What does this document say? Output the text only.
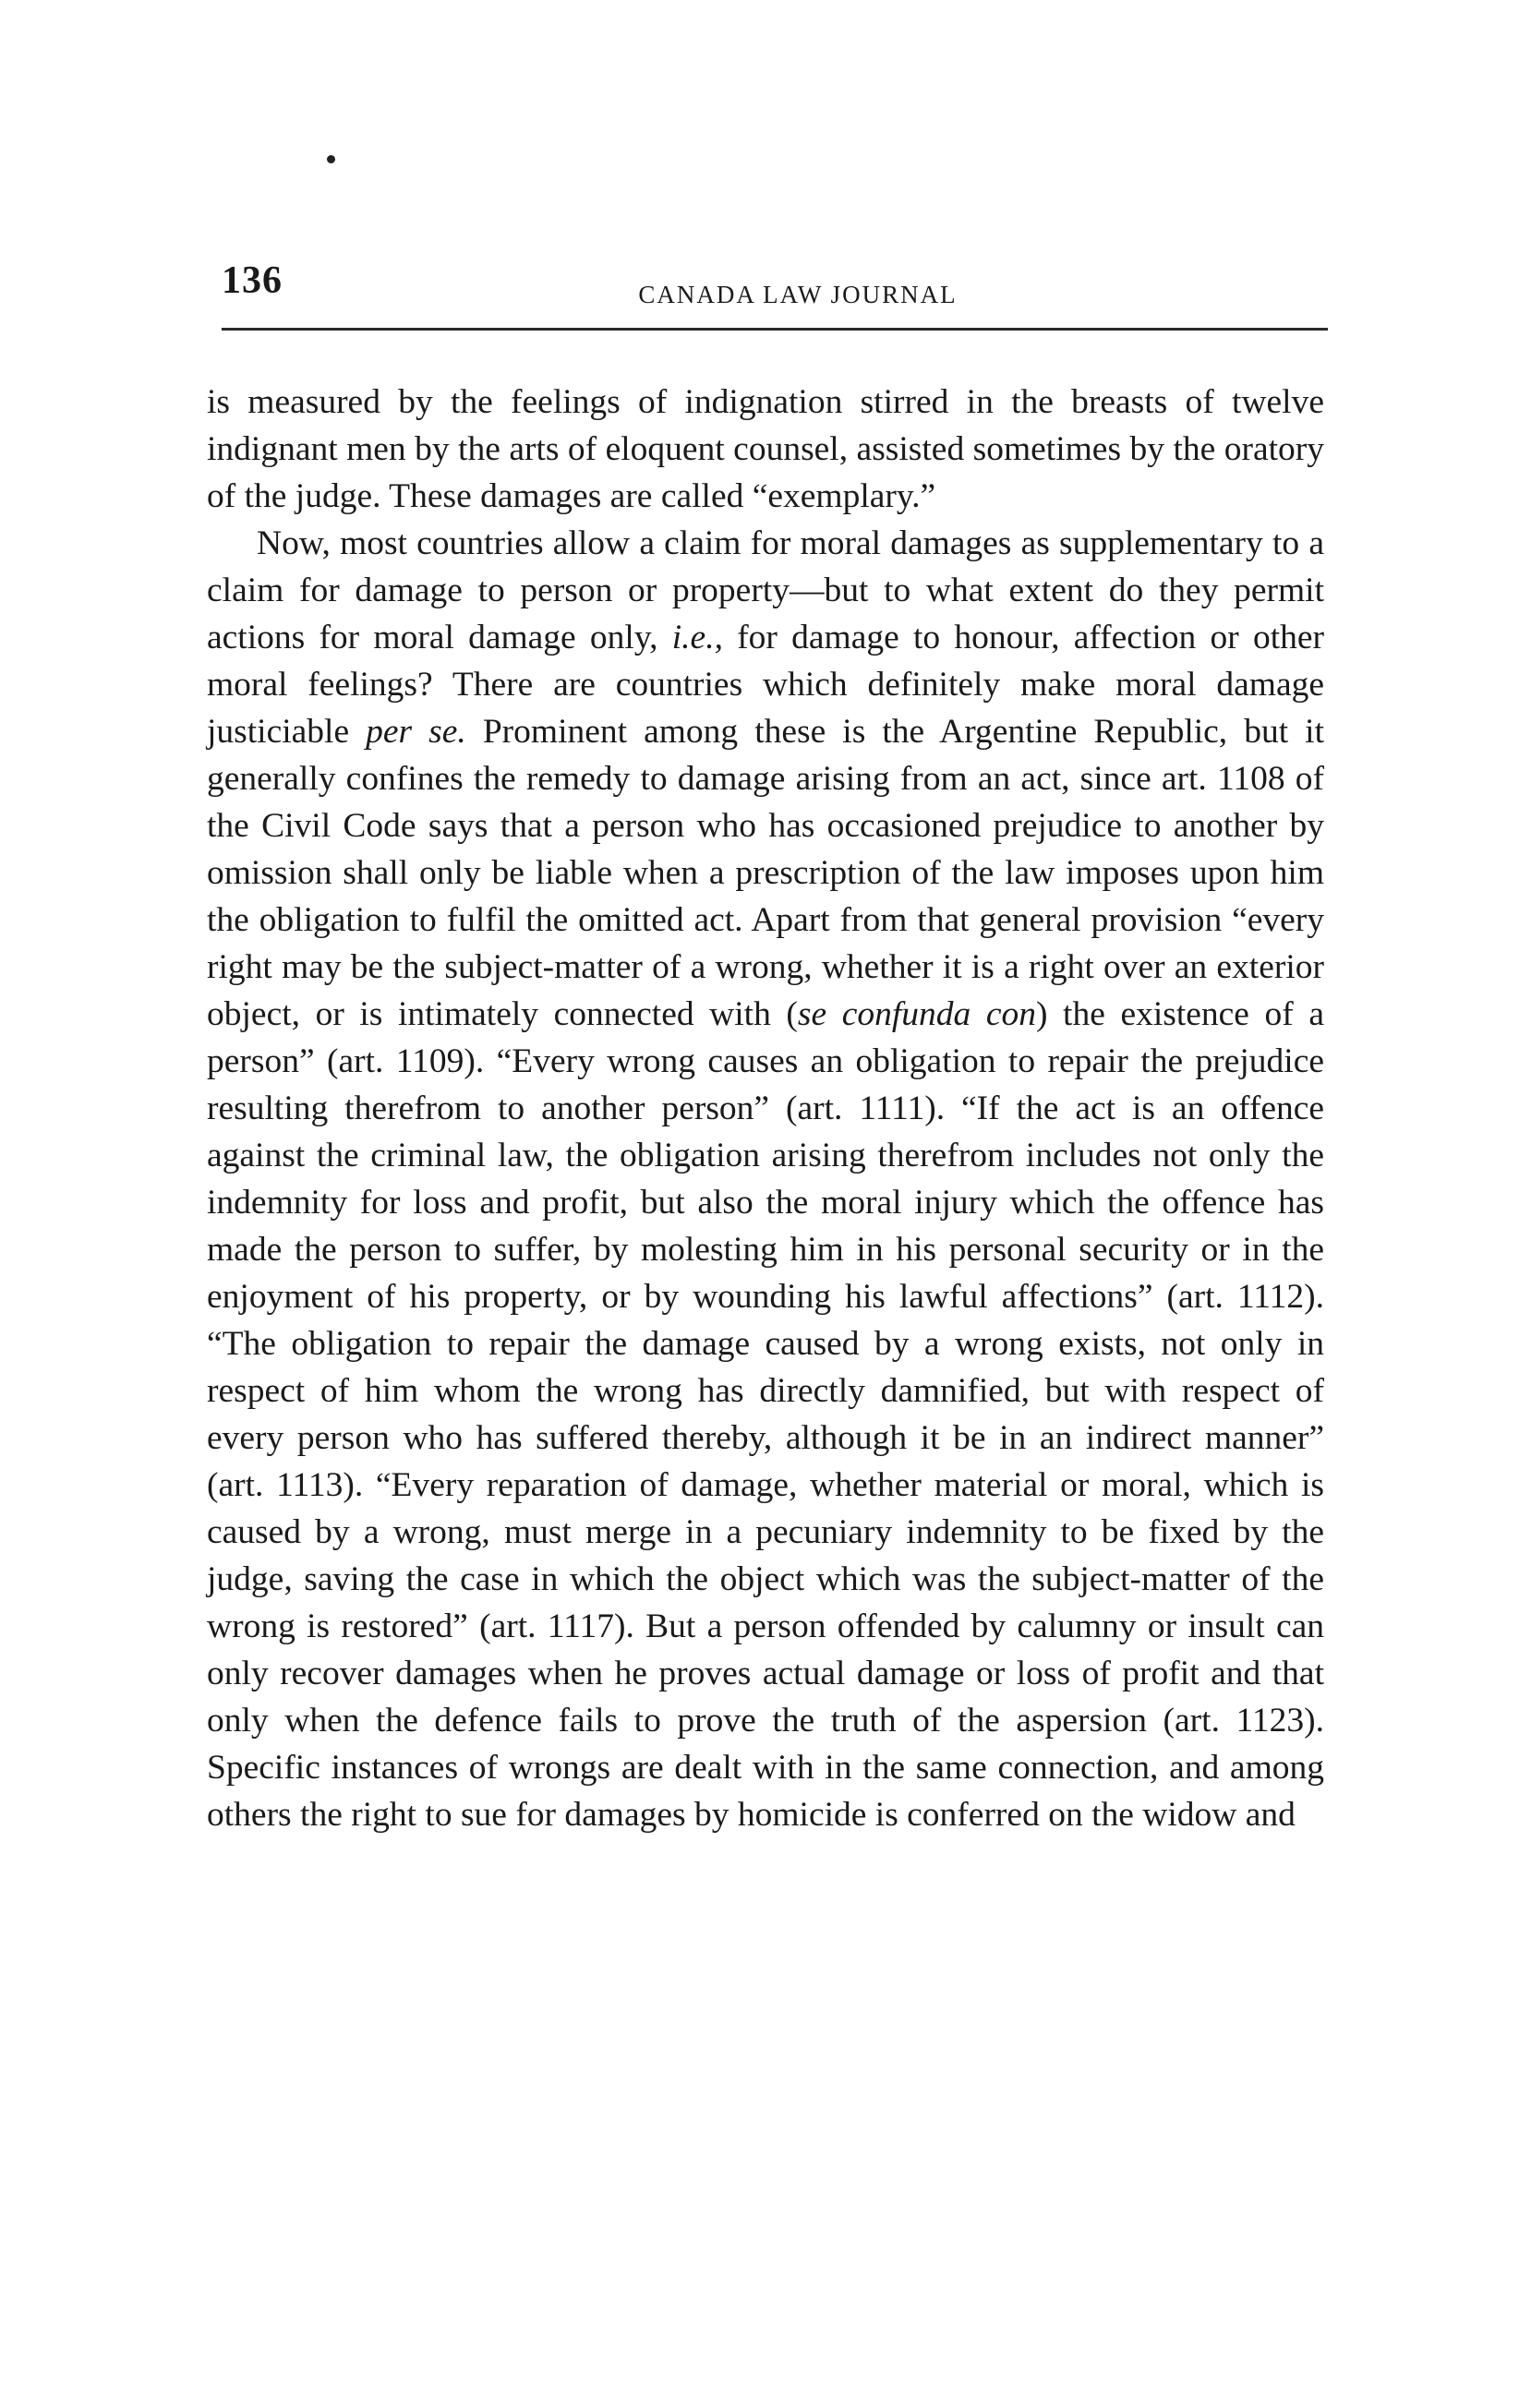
136	CANADA LAW JOURNAL

is measured by the feelings of indignation stirred in the breasts of twelve indignant men by the arts of eloquent counsel, assisted sometimes by the oratory of the judge. These damages are called “exemplary.”

Now, most countries allow a claim for moral damages as supplementary to a claim for damage to person or property—but to what extent do they permit actions for moral damage only, i.e., for damage to honour, affection or other moral feelings? There are countries which definitely make moral damage justiciable per se. Prominent among these is the Argentine Republic, but it generally confines the remedy to damage arising from an act, since art. 1108 of the Civil Code says that a person who has occasioned prejudice to another by omission shall only be liable when a prescription of the law imposes upon him the obligation to fulfil the omitted act. Apart from that general provision “every right may be the subject-matter of a wrong, whether it is a right over an exterior object, or is intimately connected with (se confunda con) the existence of a person” (art. 1109). “Every wrong causes an obligation to repair the prejudice resulting therefrom to another person” (art. 1111). “If the act is an offence against the criminal law, the obligation arising therefrom includes not only the indemnity for loss and profit, but also the moral injury which the offence has made the person to suffer, by molesting him in his personal security or in the enjoyment of his property, or by wounding his lawful affections” (art. 1112). “The obligation to repair the damage caused by a wrong exists, not only in respect of him whom the wrong has directly damnified, but with respect of every person who has suffered thereby, although it be in an indirect manner” (art. 1113). “Every reparation of damage, whether material or moral, which is caused by a wrong, must merge in a pecuniary indemnity to be fixed by the judge, saving the case in which the object which was the subject-matter of the wrong is restored” (art. 1117). But a person offended by calumny or insult can only recover damages when he proves actual damage or loss of profit and that only when the defence fails to prove the truth of the aspersion (art. 1123). Specific instances of wrongs are dealt with in the same connection, and among others the right to sue for damages by homicide is conferred on the widow and
